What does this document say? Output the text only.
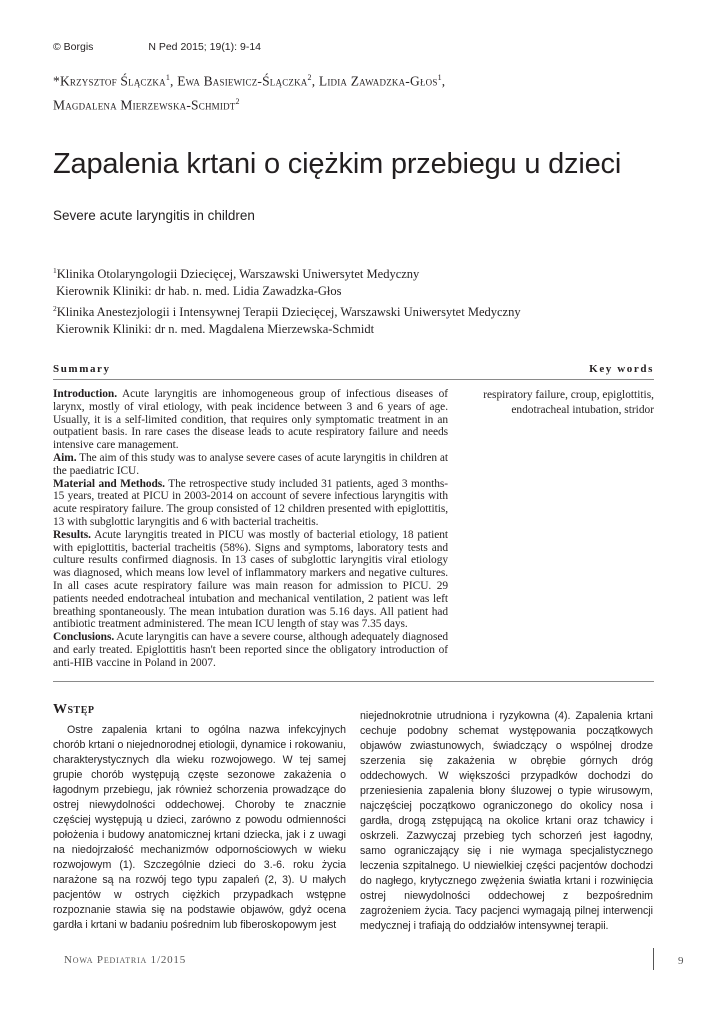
© Borgis	N Ped 2015; 19(1): 9-14
*Krzysztof Ślączka$^1$, Ewa Basiewicz-Ślączka$^2$, Lidia Zawadzka-Głos$^1$,
Magdalena Mierzewska-Schmidt$^2$
Zapalenia krtani o ciężkim przebiegu u dzieci
Severe acute laryngitis in children
$^1$Klinika Otolaryngologii Dziecięcej, Warszawski Uniwersytet Medyczny
Kierownik Kliniki: dr hab. n. med. Lidia Zawadzka-Głos
$^2$Klinika Anestezjologii i Intensywnej Terapii Dziecięcej, Warszawski Uniwersytet Medyczny
Kierownik Kliniki: dr n. med. Magdalena Mierzewska-Schmidt
Summary	Key words

Introduction. Acute laryngitis are inhomogeneous group of infectious diseases of larynx, mostly of viral etiology, with peak incidence between 3 and 6 years of age. Usually, it is a self-limited condition, that requires only symptomatic treatment in an outpatient basis. In rare cases the disease leads to acute respiratory failure and needs intensive care management.

Aim. The aim of this study was to analyse severe cases of acute laryngitis in children at the paediatric ICU.

Material and Methods. The retrospective study included 31 patients, aged 3 months-15 years, treated at PICU in 2003-2014 on account of severe infectious laryngitis with acute respiratory failure. The group consisted of 12 children presented with epiglottitis, 13 with subglottic laryngitis and 6 with bacterial tracheitis.

Results. Acute laryngitis treated in PICU was mostly of bacterial etiology, 18 patient with epiglottitis, bacterial tracheitis (58%). Signs and symptoms, laboratory tests and culture results confirmed diagnosis. In 13 cases of subglottic laryngitis viral etiology was diagnosed, which means low level of inflammatory markers and negative cultures. In all cases acute respiratory failure was main reason for admission to PICU. 29 patients needed endotracheal intubation and mechanical ventilation, 2 patient was left breathing spontaneously. The mean intubation duration was 5.16 days. All patient had antibiotic treatment administered. The mean ICU length of stay was 7.35 days.

Conclusions. Acute laryngitis can have a severe course, although adequately diagnosed and early treated. Epiglottitis hasn't been reported since the obligatory introduction of anti-HIB vaccine in Poland in 2007.

respiratory failure, croup, epiglottitis, endotracheal intubation, stridor
Wstęp

Ostre zapalenia krtani to ogólna nazwa infekcyjnych chorób krtani o niejednorodnej etiologii, dynamice i rokowaniu, charakterystycznych dla wieku rozwojowego. W tej samej grupie chorób występują częste sezonowe zakażenia o łagodnym przebiegu, jak również schorzenia prowadzące do ostrej niewydolności oddechowej. Choroby te znacznie częściej występują u dzieci, zarówno z powodu odmienności położenia i budowy anatomicznej krtani dziecka, jak i z uwagi na niedojrzałość mechanizmów odpornościowych w wieku rozwojowym (1). Szczególnie dzieci do 3.-6. roku życia narażone są na rozwój tego typu zapaleń (2, 3). U małych pacjentów w ostrych ciężkich przypadkach wstępne rozpoznanie stawia się na podstawie objawów, gdyż ocena gardła i krtani w badaniu pośrednim lub fiberoskopowym jest

niejednokrotnie utrudniona i ryzykowna (4). Zapalenia krtani cechuje podobny schemat występowania początkowych objawów zwiastunowych, świadczący o wspólnej drodze szerzenia się zakażenia w obrębie górnych dróg oddechowych. W większości przypadków dochodzi do przeniesienia zapalenia błony śluzowej o typie wirusowym, najczęściej początkowo ograniczonego do okolicy nosa i gardła, drogą zstępującą na okolice krtani oraz tchawicy i oskrzeli. Zazwyczaj przebieg tych schorzeń jest łagodny, samo ograniczający się i nie wymaga specjalistycznego leczenia szpitalnego. U niewielkiej części pacjentów dochodzi do nagłego, krytycznego zwężenia światła krtani i rozwinięcia ostrej niewydolności oddechowej z bezpośrednim zagrożeniem życia. Tacy pacjenci wymagają pilnej interwencji medycznej i trafiają do oddziałów intensywnej terapii.

Nowa Pediatria 1/2015	9
